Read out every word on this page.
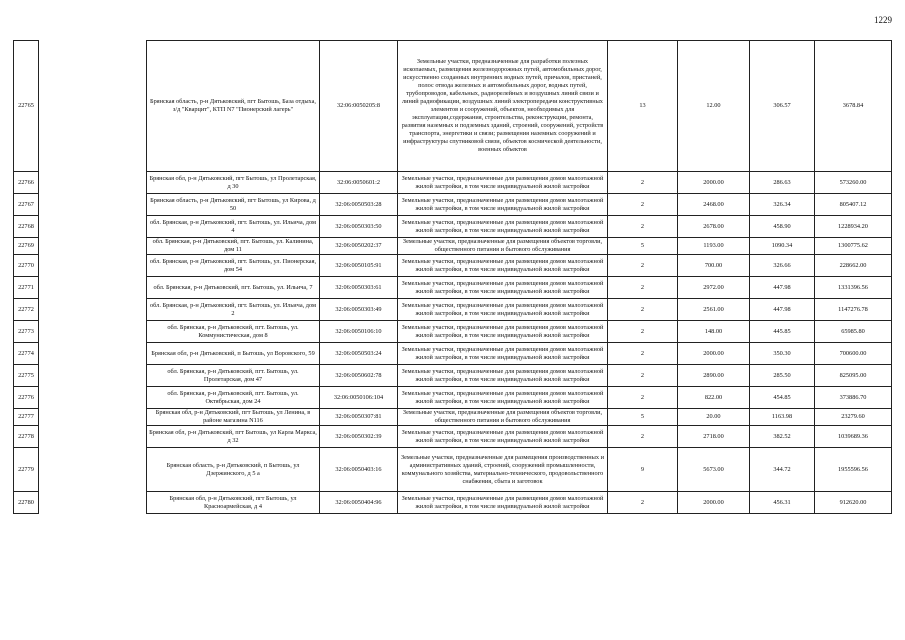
1229
22765		Брянская область, р-н Дятьковский, пгт Бытошь, База отдыха, з/д "Кварцит", КТП N7 "Пионерский лагерь"	32:06:0050205:8	Земельные участки, предназначенные для разработки полезных ископаемых, размещения железнодорожных путей, автомобильных дорог, искусственно созданных внутренних водных путей, причалов, пристаней, полос отвода железных и автомобильных дорог, водных путей, трубопроводов, кабельных, радиорелейных и воздушных линий связи и линий радиофикации, воздушных линий электропередачи конструктивных элементов и сооружений, объектов, необходимых для эксплуатации,содержания, строительства, реконструкции, ремонта, развития наземных и подземных зданий, строений, сооружений, устройств транспорта, энергетики и связи; размещения наземных сооружений и инфраструктуры спутниковой связи, объектов космической деятельности, военных объектов	13	12.00	306.57	3678.84
22766		Брянская обл, р-н Дятьковский, пгт Бытошь, ул Пролетарская, д 30	32:06:0050601:2	Земельные участки, предназначенные для размещения домов малоэтажной жилой застройки, в том числе индивидуальной жилой застройки	2	2000.00	286.63	573260.00
22767		Брянская область, р-н Дятьковский, пгт Бытошь, ул Кирова, д 50	32:06:0050503:28	Земельные участки, предназначенные для размещения домов малоэтажной жилой застройки, в том числе индивидуальной жилой застройки	2	2468.00	326.34	805407.12
22768		обл. Брянская, р-н Дятьковский, пгт. Бытошь, ул. Ильича, дом 4	32:06:0050303:50	Земельные участки, предназначенные для размещения домов малоэтажной жилой застройки, в том числе индивидуальной жилой застройки	2	2678.00	458.90	1228934.20
22769		обл. Брянская, р-н Дятьковский, пгт. Бытошь, ул. Калинина, дом 11	32:06:0050202:37	Земельные участки, предназначенные для размещения объектов торговли, общественного питания и бытового обслуживания	5	1193.00	1090.34	1300775.62
22770		обл. Брянская, р-н Дятьковский, пгт. Бытошь, ул. Пионерская, дом 54	32:06:0050105:91	Земельные участки, предназначенные для размещения домов малоэтажной жилой застройки, в том числе индивидуальной жилой застройки	2	700.00	326.66	228662.00
22771		обл. Брянская, р-н Дятьковский, пгт. Бытошь, ул. Ильича, 7	32:06:0050303:61	Земельные участки, предназначенные для размещения домов малоэтажной жилой застройки, в том числе индивидуальной жилой застройки	2	2972.00	447.98	1331396.56
22772		обл. Брянская, р-н Дятьковский, пгт. Бытошь, ул. Ильича, дом 2	32:06:0050303:49	Земельные участки, предназначенные для размещения домов малоэтажной жилой застройки, в том числе индивидуальной жилой застройки	2	2561.00	447.98	1147276.78
22773		обл. Брянская, р-н Дятьковский, пгт. Бытошь, ул. Коммунистическая, дом 8	32:06:0050106:10	Земельные участки, предназначенные для размещения домов малоэтажной жилой застройки, в том числе индивидуальной жилой застройки	2	148.00	445.85	65985.80
22774		Брянская обл, р-н Дятьковский, п Бытошь, ул Воровского, 59	32:06:0050503:24	Земельные участки, предназначенные для размещения домов малоэтажной жилой застройки, в том числе индивидуальной жилой застройки	2	2000.00	350.30	700600.00
22775		обл. Брянская, р-н Дятьковский, пгт. Бытошь, ул. Пролетарская, дом 47	32:06:0050602:78	Земельные участки, предназначенные для размещения домов малоэтажной жилой застройки, в том числе индивидуальной жилой застройки	2	2890.00	285.50	825095.00
22776		обл. Брянская, р-н Дятьковский, пгт. Бытошь, ул. Октябрьская, дом 24	32:06:0050106:104	Земельные участки, предназначенные для размещения домов малоэтажной жилой застройки, в том числе индивидуальной жилой застройки	2	822.00	454.85	373886.70
22777		Брянская обл, р-н Дятьковский, пгт Бытошь, ул Ленина, в районе магазина N116	32:06:0050307:81	Земельные участки, предназначенные для размещения объектов торговли, общественного питания и бытового обслуживания	5	20.00	1163.98	23279.60
22778		Брянская обл, р-н Дятьковский, пгт Бытошь, ул Карла Маркса, д 32	32:06:0050302:39	Земельные участки, предназначенные для размещения домов малоэтажной жилой застройки, в том числе индивидуальной жилой застройки	2	2718.00	382.52	1039689.36
22779		Брянская область, р-н Дятьковский, п Бытошь, ул Дзержинского, д 5 а	32:06:0050403:16	Земельные участки, предназначенные для размещения производственных и административных зданий, строений, сооружений промышленности, коммунального хозяйства, материально-технического, продовольственного снабжения, сбыта и заготовок	9	5673.00	344.72	1955596.56
22780		Брянская обл, р-н Дятьковский, пгт Бытошь, ул Красноармейская, д 4	32:06:0050404:96	Земельные участки, предназначенные для размещения домов малоэтажной жилой застройки, в том числе индивидуальной жилой застройки	2	2000.00	456.31	912620.00
